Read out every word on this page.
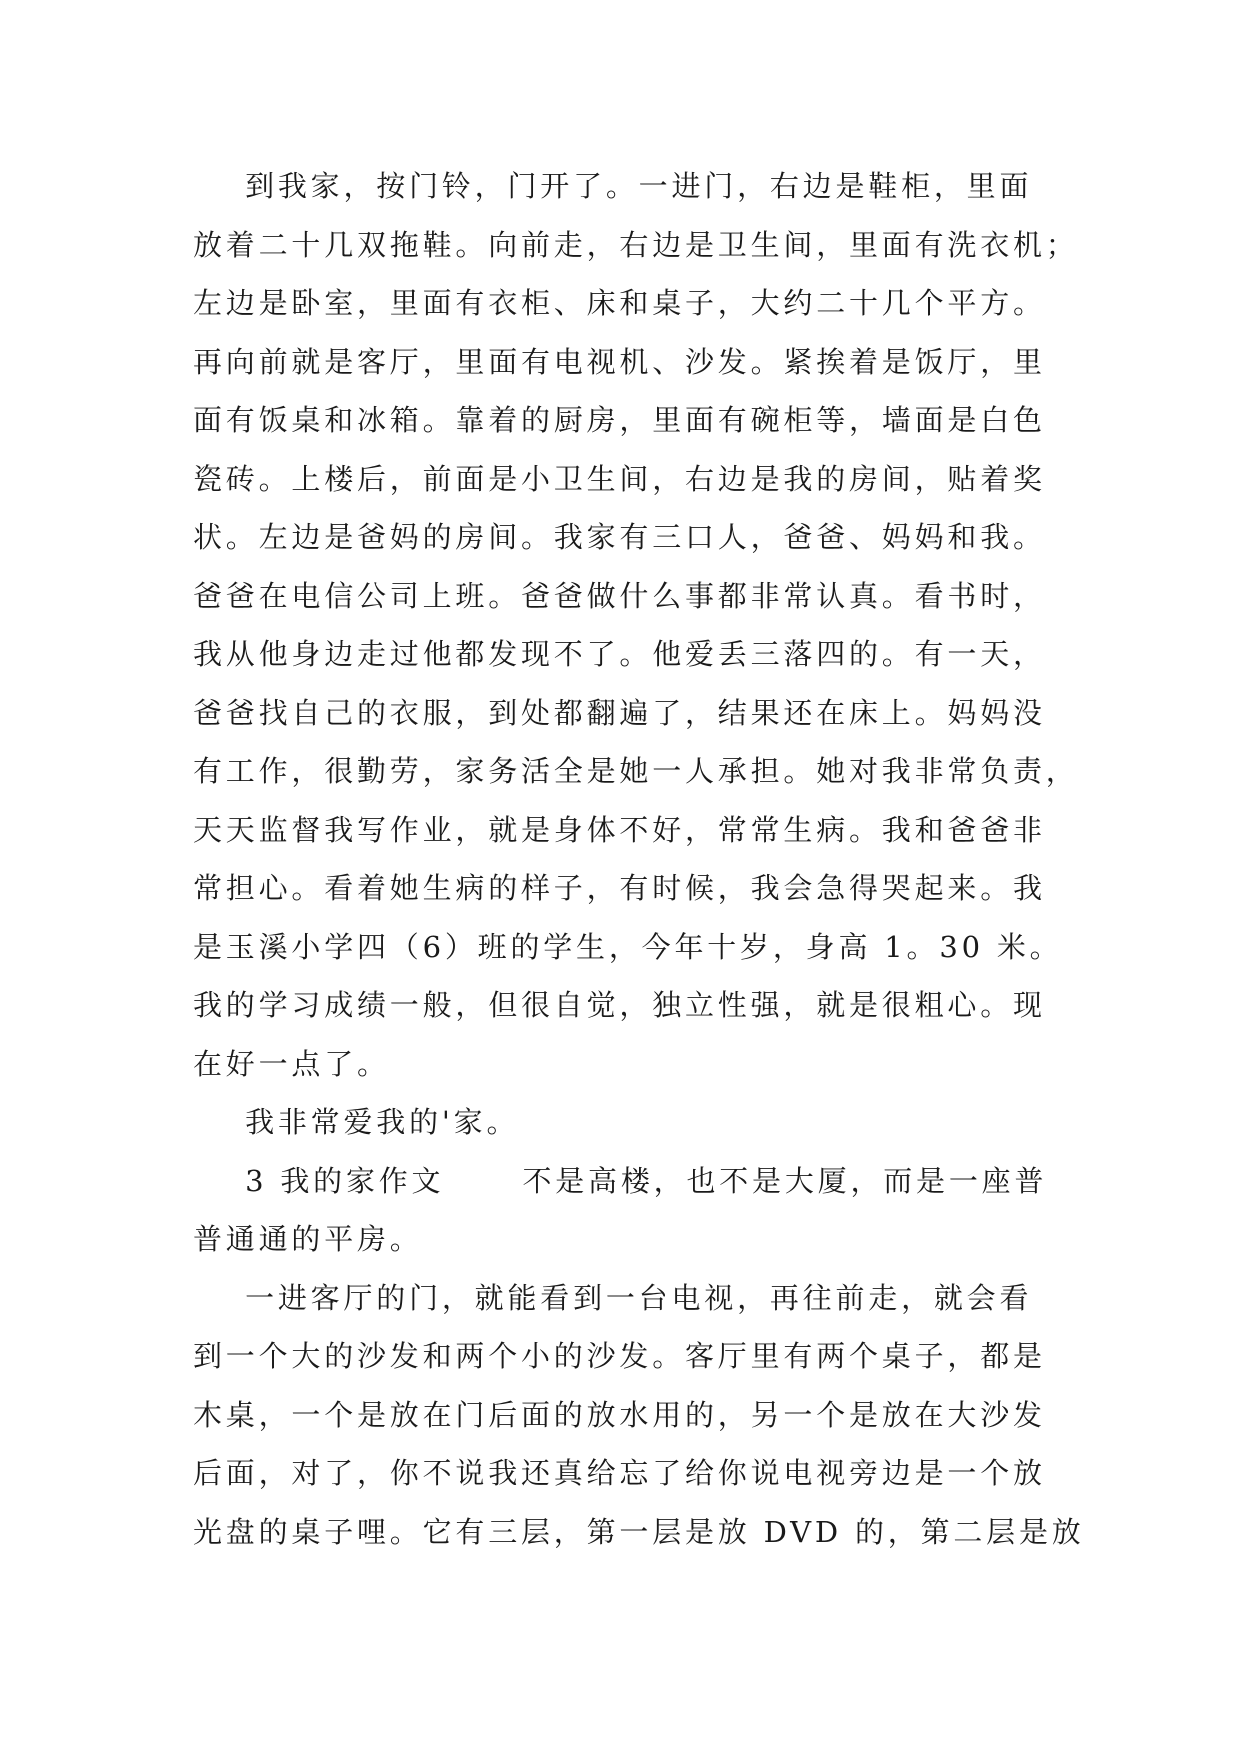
到我家，按门铃，门开了。一进门，右边是鞋柜，里面
放着二十几双拖鞋。向前走，右边是卫生间，里面有洗衣机；
左边是卧室，里面有衣柜、床和桌子，大约二十几个平方。
再向前就是客厅，里面有电视机、沙发。紧挨着是饭厅，里
面有饭桌和冰箱。靠着的厨房，里面有碗柜等，墙面是白色
瓷砖。上楼后，前面是小卫生间，右边是我的房间，贴着奖
状。左边是爸妈的房间。我家有三口人，爸爸、妈妈和我。
爸爸在电信公司上班。爸爸做什么事都非常认真。看书时，
我从他身边走过他都发现不了。他爱丢三落四的。有一天，
爸爸找自己的衣服，到处都翻遍了，结果还在床上。妈妈没
有工作，很勤劳，家务活全是她一人承担。她对我非常负责，
天天监督我写作业，就是身体不好，常常生病。我和爸爸非
常担心。看着她生病的样子，有时候，我会急得哭起来。我
是玉溪小学四（6）班的学生，今年十岁，身高 1。30 米。
我的学习成绩一般，但很自觉，独立性强，就是很粗心。现
在好一点了。
我非常爱我的'家。
3 我的家作文      不是高楼，也不是大厦，而是一座普
普通通的平房。
一进客厅的门，就能看到一台电视，再往前走，就会看
到一个大的沙发和两个小的沙发。客厅里有两个桌子，都是
木桌，一个是放在门后面的放水用的，另一个是放在大沙发
后面，对了，你不说我还真给忘了给你说电视旁边是一个放
光盘的桌子哩。它有三层，第一层是放 DVD 的，第二层是放
